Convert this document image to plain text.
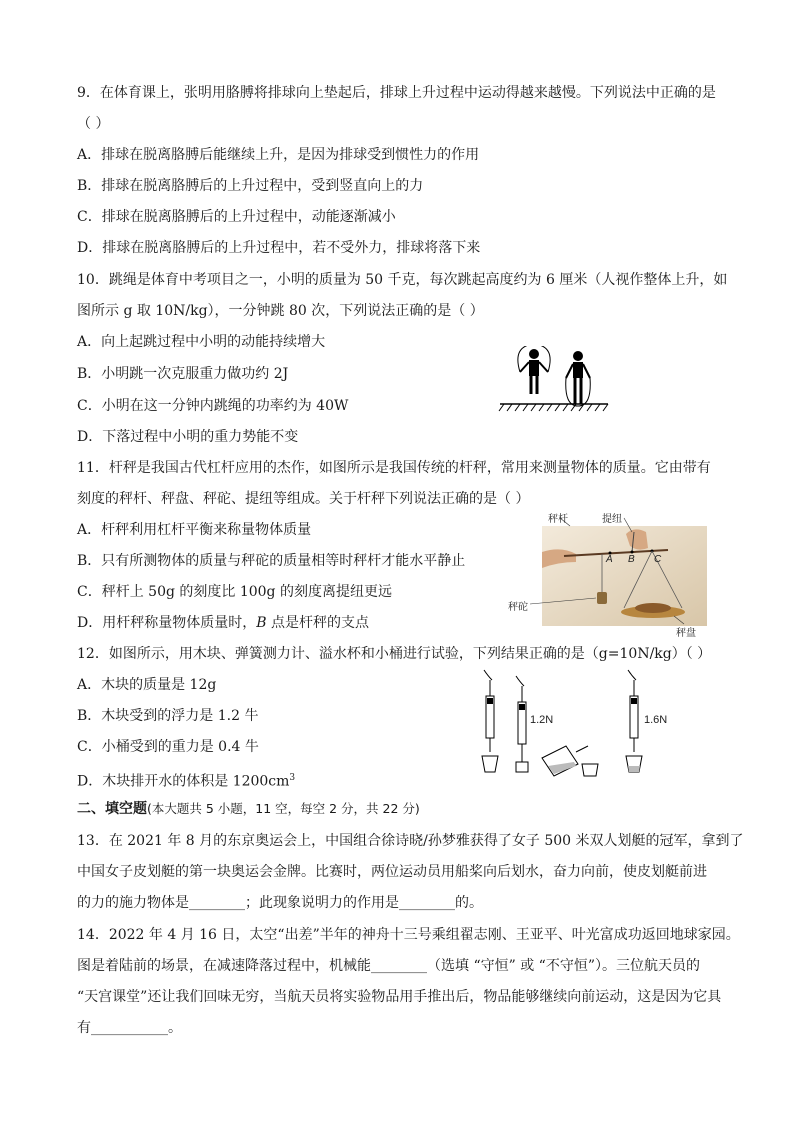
9．在体育课上，张明用胳膊将排球向上垫起后，排球上升过程中运动得越来越慢。下列说法中正确的是
（ ）
A．排球在脱离胳膊后能继续上升，是因为排球受到惯性力的作用
B．排球在脱离胳膊后的上升过程中，受到竖直向上的力
C．排球在脱离胳膊后的上升过程中，动能逐渐减小
D．排球在脱离胳膊后的上升过程中，若不受外力，排球将落下来
10．跳绳是体育中考项目之一，小明的质量为 50 千克，每次跳起高度约为 6 厘米（人视作整体上升，如
图所示 g 取 10N/kg），一分钟跳 80 次，下列说法正确的是（ ）
A．向上起跳过程中小明的动能持续增大
B．小明跳一次克服重力做功约 2J
C．小明在这一分钟内跳绳的功率约为 40W
D．下落过程中小明的重力势能不变
11．杆秤是我国古代杠杆应用的杰作，如图所示是我国传统的杆秤，常用来测量物体的质量。它由带有
刻度的秤杆、秤盘、秤砣、提纽等组成。关于杆秤下列说法正确的是（ ）
A．杆秤利用杠杆平衡来称量物体质量
B．只有所测物体的质量与秤砣的质量相等时秤杆才能水平静止
C．秤杆上 50g 的刻度比 100g 的刻度离提纽更远
D．用杆秤称量物体质量时，B 点是杆秤的支点
秤杆	提纽
A B C
秤砣
秤盘
12．如图所示，用木块、弹簧测力计、溢水杯和小桶进行试验，下列结果正确的是（g=10N/kg）（ ）
A．木块的质量是 12g
B．木块受到的浮力是 1.2 牛
C．小桶受到的重力是 0.4 牛
D．木块排开水的体积是 $1200cm^3$
1.2N	1.6N
二、填空题(本大题共 5 小题，11 空，每空 2 分，共 22 分)
13．在 2021 年 8 月的东京奥运会上，中国组合徐诗晓/孙梦雅获得了女子 500 米双人划艇的冠军，拿到了
中国女子皮划艇的第一块奥运会金牌。比赛时，两位运动员用船桨向后划水，奋力向前，使皮划艇前进
的力的施力物体是________；此现象说明力的作用是________的。
14．2022 年 4 月 16 日，太空“出差”半年的神舟十三号乘组翟志刚、王亚平、叶光富成功返回地球家园。
图是着陆前的场景，在减速降落过程中，机械能________（选填 “守恒” 或 “不守恒”）。三位航天员的
“天宫课堂”还让我们回味无穷，当航天员将实验物品用手推出后，物品能够继续向前运动，这是因为它具
有___________。
